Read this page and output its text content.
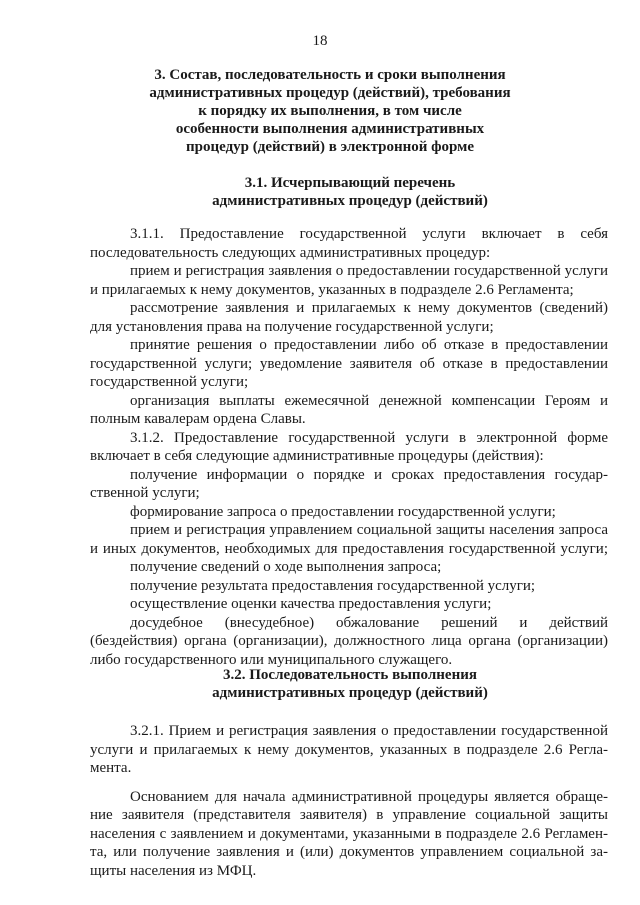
18
3. Состав, последовательность и сроки выполнения
административных процедур (действий), требования
к порядку их выполнения, в том числе
особенности выполнения административных
процедур (действий) в электронной форме
3.1. Исчерпывающий перечень
административных процедур (действий)
3.1.1. Предоставление государственной услуги включает в себя
последовательность следующих административных процедур:
прием и регистрация заявления о предоставлении государственной услуги
и прилагаемых к нему документов, указанных в подразделе 2.6 Регламента;
рассмотрение заявления и прилагаемых к нему документов (сведений)
для установления права на получение государственной услуги;
принятие решения о предоставлении либо об отказе в предоставлении
государственной услуги; уведомление заявителя об отказе в предоставлении
государственной услуги;
организация выплаты ежемесячной денежной компенсации Героям и
полным кавалерам ордена Славы.
3.1.2. Предоставление государственной услуги в электронной форме
включает в себя следующие административные процедуры (действия):
получение информации о порядке и сроках предоставления государ-
ственной услуги;
формирование запроса о предоставлении государственной услуги;
прием и регистрация управлением социальной защиты населения запроса
и иных документов, необходимых для предоставления государственной услуги;
получение сведений о ходе выполнения запроса;
получение результата предоставления государственной услуги;
осуществление оценки качества предоставления услуги;
досудебное (внесудебное) обжалование решений и действий
(бездействия) органа (организации), должностного лица органа (организации)
либо государственного или муниципального служащего.
3.2. Последовательность выполнения
административных процедур (действий)
3.2.1. Прием и регистрация заявления о предоставлении государственной
услуги и прилагаемых к нему документов, указанных в подразделе 2.6 Регла-
мента.
Основанием для начала административной процедуры является обраще-
ние заявителя (представителя заявителя) в управление социальной защиты
населения с заявлением и документами, указанными в подразделе 2.6 Регламен-
та, или получение заявления и (или) документов управлением социальной за-
щиты населения из МФЦ.
